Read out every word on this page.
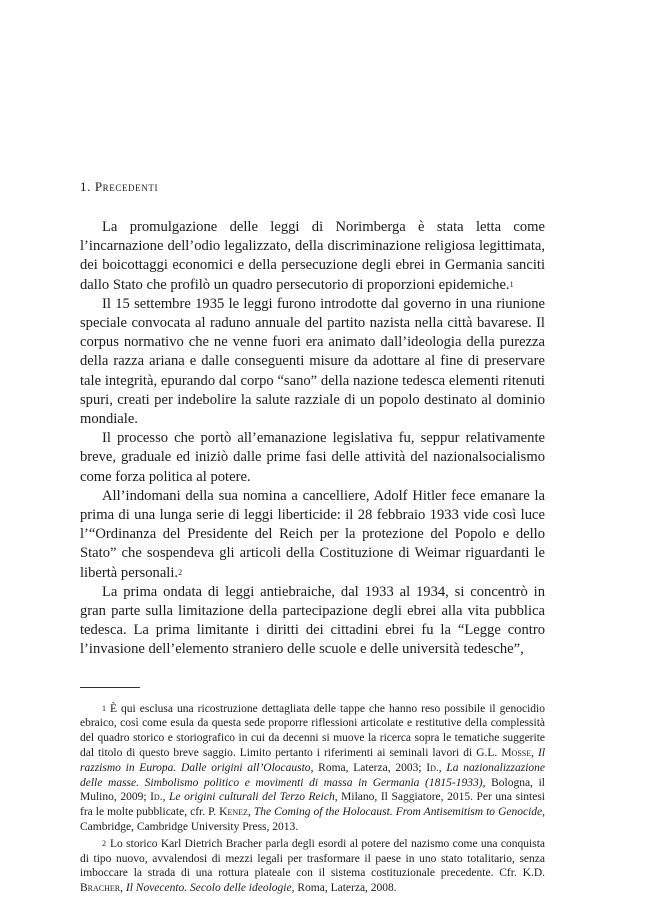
1. Precedenti

La promulgazione delle leggi di Norimberga è stata letta come l’incarnazione dell’odio legalizzato, della discriminazione religiosa legittimata, dei boicottaggi economici e della persecuzione degli ebrei in Germania sanciti dallo Stato che profilò un quadro persecutorio di proporzioni epidemiche.$^1$

Il 15 settembre 1935 le leggi furono introdotte dal governo in una riunione speciale convocata al raduno annuale del partito nazista nella città bavarese. Il corpus normativo che ne venne fuori era animato dall’ideologia della purezza della razza ariana e dalle conseguenti misure da adottare al fine di preservare tale integrità, epurando dal corpo “sano” della nazione tedesca elementi ritenuti spuri, creati per indebolire la salute razziale di un popolo destinato al dominio mondiale.

Il processo che portò all’emanazione legislativa fu, seppur relativamente breve, graduale ed iniziò dalle prime fasi delle attività del nazionalsocialismo come forza politica al potere.

All’indomani della sua nomina a cancelliere, Adolf Hitler fece emanare la prima di una lunga serie di leggi liberticide: il 28 febbraio 1933 vide così luce l’“Ordinanza del Presidente del Reich per la protezione del Popolo e dello Stato” che sospendeva gli articoli della Costituzione di Weimar riguardanti le libertà personali.$^2$

La prima ondata di leggi antiebraiche, dal 1933 al 1934, si concentrò in gran parte sulla limitazione della partecipazione degli ebrei alla vita pubblica tedesca. La prima limitante i diritti dei cittadini ebrei fu la “Legge contro l’invasione dell’elemento straniero delle scuole e delle università tedesche”,

$^1$ È qui esclusa una ricostruzione dettagliata delle tappe che hanno reso possibile il genocidio ebraico, così come esula da questa sede proporre riflessioni articolate e restitutive della complessità del quadro storico e storiografico in cui da decenni si muove la ricerca sopra le tematiche suggerite dal titolo di questo breve saggio. Limito pertanto i riferimenti ai seminali lavori di G.L. Mosse, Il razzismo in Europa. Dalle origini all’Olocausto, Roma, Laterza, 2003; Id., La nazionalizzazione delle masse. Simbolismo politico e movimenti di massa in Germania (1815-1933), Bologna, il Mulino, 2009; Id., Le origini culturali del Terzo Reich, Milano, Il Saggiatore, 2015. Per una sintesi fra le molte pubblicate, cfr. P. Kenez, The Coming of the Holocaust. From Antisemitism to Genocide, Cambridge, Cambridge University Press, 2013.

$^2$ Lo storico Karl Dietrich Bracher parla degli esordi al potere del nazismo come una conquista di tipo nuovo, avvalendosi di mezzi legali per trasformare il paese in uno stato totalitario, senza imboccare la strada di una rottura plateale con il sistema costituzionale precedente. Cfr. K.D. Bracher, Il Novecento. Secolo delle ideologie, Roma, Laterza, 2008.
